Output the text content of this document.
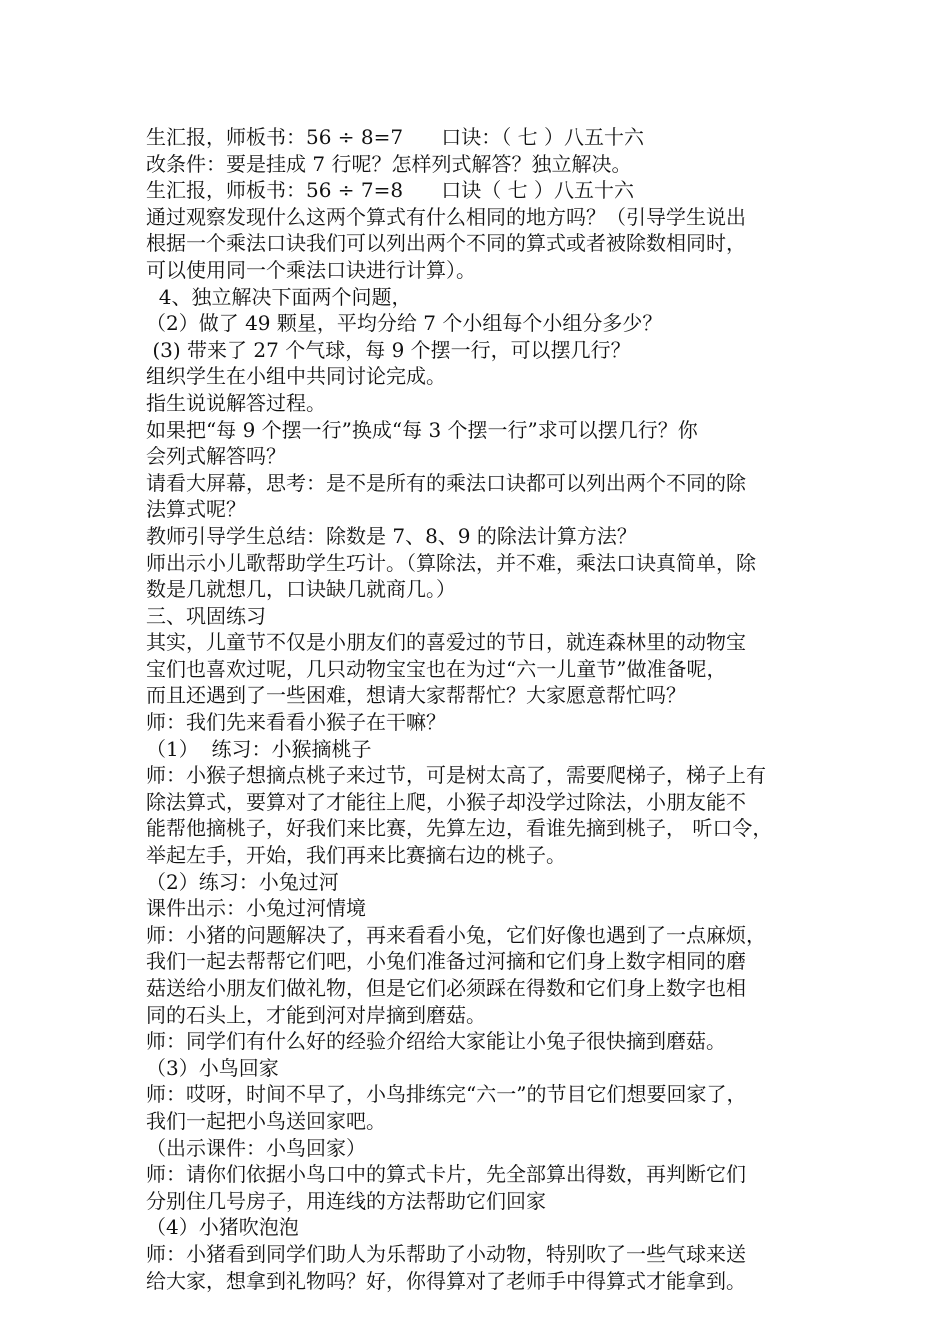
生汇报，师板书：56 ÷ 8=7      口诀：（ 七 ）八五十六
改条件：要是挂成 7 行呢？怎样列式解答？独立解决。
生汇报，师板书：56 ÷ 7=8      口诀（ 七 ）八五十六
通过观察发现什么这两个算式有什么相同的地方吗？（引导学生说出
根据一个乘法口诀我们可以列出两个不同的算式或者被除数相同时，
可以使用同一个乘法口诀进行计算）。
4、独立解决下面两个问题，
（2）做了 49 颗星，平均分给 7 个小组每个小组分多少？
(3) 带来了 27 个气球，每 9 个摆一行，可以摆几行？
组织学生在小组中共同讨论完成。
指生说说解答过程。
如果把“每 9 个摆一行”换成“每 3 个摆一行”求可以摆几行？你
会列式解答吗？
请看大屏幕，思考：是不是所有的乘法口诀都可以列出两个不同的除
法算式呢？
教师引导学生总结：除数是 7、8、9 的除法计算方法？
师出示小儿歌帮助学生巧计。（算除法，并不难，乘法口诀真简单，除
数是几就想几，口诀缺几就商几。）
三、巩固练习
其实，儿童节不仅是小朋友们的喜爱过的节日，就连森林里的动物宝
宝们也喜欢过呢，几只动物宝宝也在为过“六一儿童节”做准备呢，
而且还遇到了一些困难，想请大家帮帮忙？大家愿意帮忙吗？
师：我们先来看看小猴子在干嘛？
（1）  练习：小猴摘桃子
师：小猴子想摘点桃子来过节，可是树太高了，需要爬梯子，梯子上有
除法算式，要算对了才能往上爬，小猴子却没学过除法，小朋友能不
能帮他摘桃子，好我们来比赛，先算左边，看谁先摘到桃子， 听口令，
举起左手，开始，我们再来比赛摘右边的桃子。
（2）练习：小兔过河
课件出示：小兔过河情境
师：小猪的问题解决了，再来看看小兔，它们好像也遇到了一点麻烦，
我们一起去帮帮它们吧，小兔们准备过河摘和它们身上数字相同的磨
菇送给小朋友们做礼物，但是它们必须踩在得数和它们身上数字也相
同的石头上，才能到河对岸摘到磨菇。
师：同学们有什么好的经验介绍给大家能让小兔子很快摘到磨菇。
（3）小鸟回家
师：哎呀，时间不早了，小鸟排练完“六一”的节目它们想要回家了，
我们一起把小鸟送回家吧。
（出示课件：小鸟回家）
师：请你们依据小鸟口中的算式卡片，先全部算出得数，再判断它们
分别住几号房子，用连线的方法帮助它们回家
（4）小猪吹泡泡
师：小猪看到同学们助人为乐帮助了小动物，特别吹了一些气球来送
给大家，想拿到礼物吗？好，你得算对了老师手中得算式才能拿到。
